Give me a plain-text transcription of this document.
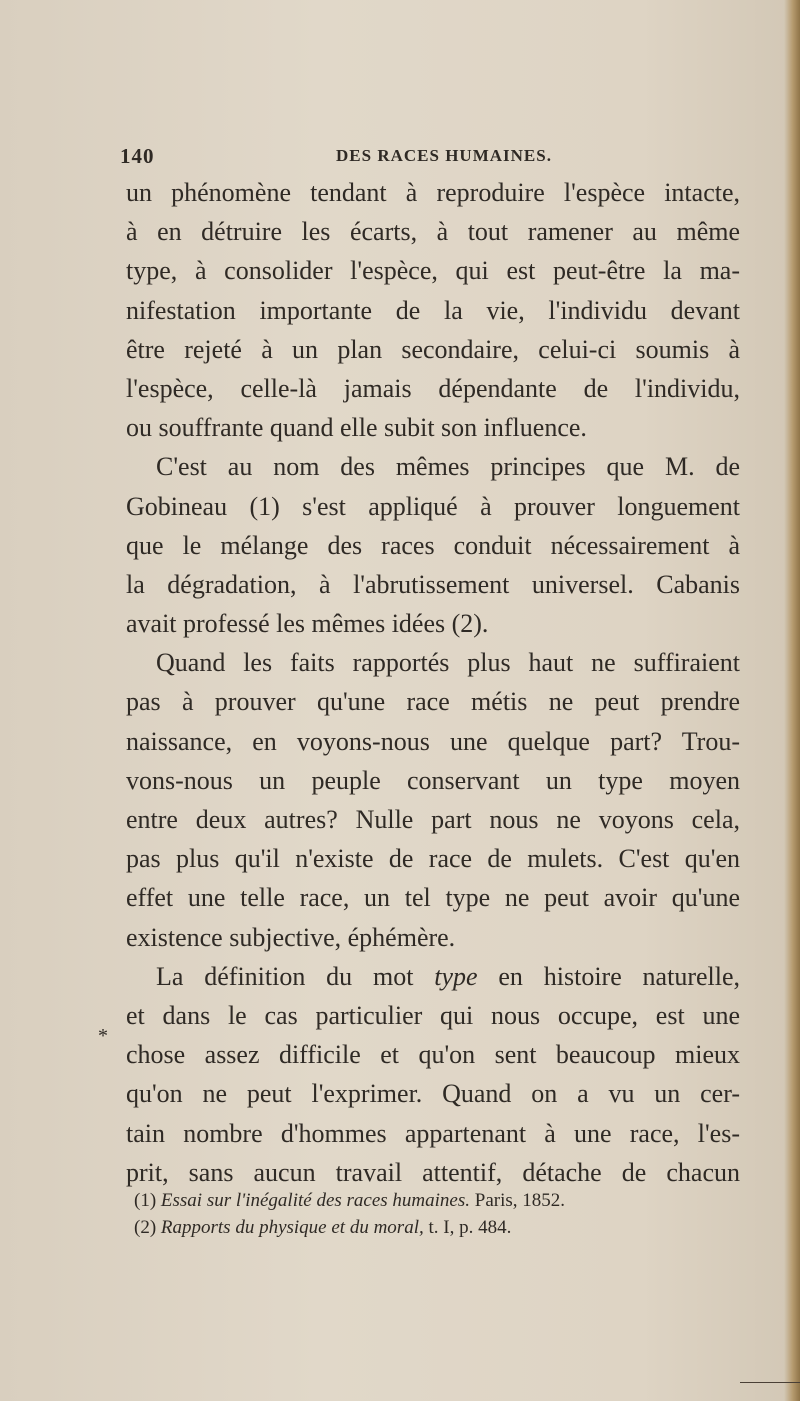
140	DES RACES HUMAINES.
*
un phénomène tendant à reproduire l'espèce intacte,
à en détruire les écarts, à tout ramener au même
type, à consolider l'espèce, qui est peut-être la ma-
nifestation importante de la vie, l'individu devant
être rejeté à un plan secondaire, celui-ci soumis à
l'espèce, celle-là jamais dépendante de l'individu,
ou souffrante quand elle subit son influence.
C'est au nom des mêmes principes que M. de
Gobineau (1) s'est appliqué à prouver longuement
que le mélange des races conduit nécessairement à
la dégradation, à l'abrutissement universel. Cabanis
avait professé les mêmes idées (2).
Quand les faits rapportés plus haut ne suffiraient
pas à prouver qu'une race métis ne peut prendre
naissance, en voyons-nous une quelque part? Trou-
vons-nous un peuple conservant un type moyen
entre deux autres? Nulle part nous ne voyons cela,
pas plus qu'il n'existe de race de mulets. C'est qu'en
effet une telle race, un tel type ne peut avoir qu'une
existence subjective, éphémère.
La définition du mot type en histoire naturelle,
et dans le cas particulier qui nous occupe, est une
chose assez difficile et qu'on sent beaucoup mieux
qu'on ne peut l'exprimer. Quand on a vu un cer-
tain nombre d'hommes appartenant à une race, l'es-
prit, sans aucun travail attentif, détache de chacun
(1) Essai sur l'inégalité des races humaines. Paris, 1852.
(2) Rapports du physique et du moral, t. I, p. 484.
